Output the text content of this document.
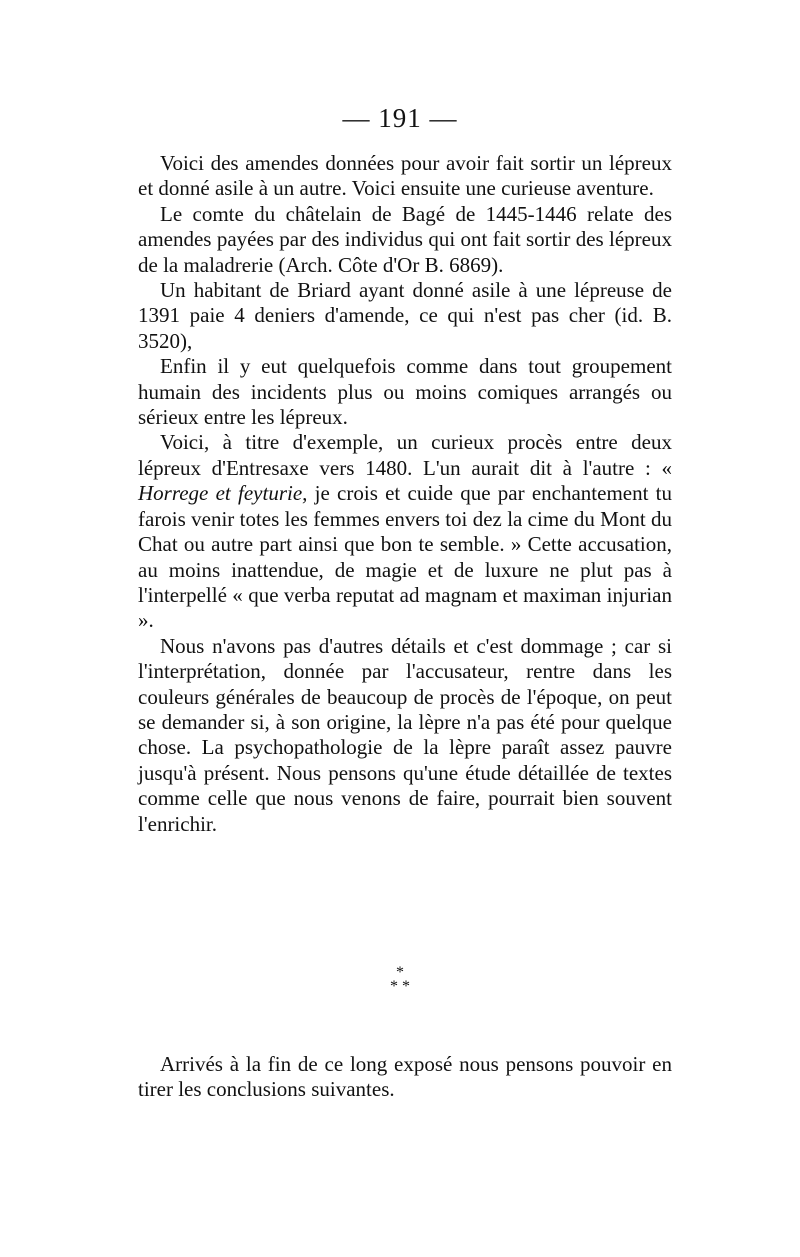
— 191 —

Voici des amendes données pour avoir fait sortir un lépreux et donné asile à un autre. Voici ensuite une curieuse aventure.

Le comte du châtelain de Bagé de 1445-1446 relate des amendes payées par des individus qui ont fait sortir des lépreux de la maladrerie (Arch. Côte d'Or B. 6869).

Un habitant de Briard ayant donné asile à une lépreuse de 1391 paie 4 deniers d'amende, ce qui n'est pas cher (id. B. 3520),

Enfin il y eut quelquefois comme dans tout groupement humain des incidents plus ou moins comiques arrangés ou sérieux entre les lépreux.

Voici, à titre d'exemple, un curieux procès entre deux lépreux d'Entresaxe vers 1480. L'un aurait dit à l'autre : « Horrege et feyturie, je crois et cuide que par enchantement tu farois venir totes les femmes envers toi dez la cime du Mont du Chat ou autre part ainsi que bon te semble. » Cette accusation, au moins inattendue, de magie et de luxure ne plut pas à l'interpellé « que verba reputat ad magnam et maximan injurian ».

Nous n'avons pas d'autres détails et c'est dommage ; car si l'interprétation, donnée par l'accusateur, rentre dans les couleurs générales de beaucoup de procès de l'époque, on peut se demander si, à son origine, la lèpre n'a pas été pour quelque chose. La psychopathologie de la lèpre paraît assez pauvre jusqu'à présent. Nous pensons qu'une étude détaillée de textes comme celle que nous venons de faire, pourrait bien souvent l'enrichir.

*
* *

Arrivés à la fin de ce long exposé nous pensons pouvoir en tirer les conclusions suivantes.
